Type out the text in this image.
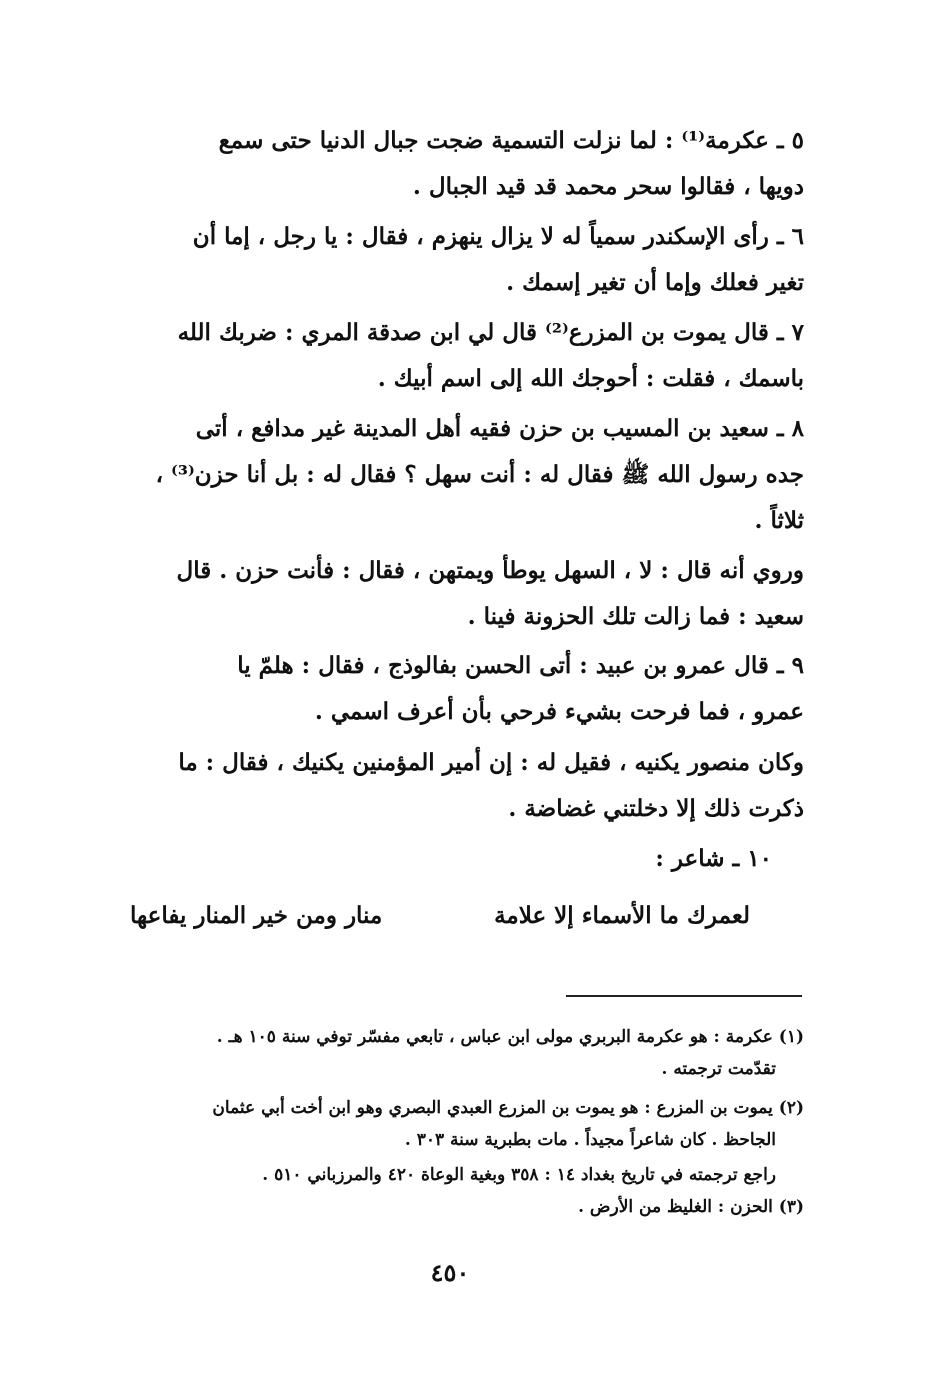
٥ ـ عكرمة⁽¹⁾ : لما نزلت التسمية ضجت جبال الدنيا حتى سمع
دويها ، فقالوا سحر محمد قد قيد الجبال .
٦ ـ رأى الإسكندر سمياً له لا يزال ينهزم ، فقال : يا رجل ، إما أن
تغير فعلك وإما أن تغير إسمك .
٧ ـ قال يموت بن المزرع⁽²⁾ قال لي ابن صدقة المري : ضربك الله
باسمك ، فقلت : أحوجك الله إلى اسم أبيك .
٨ ـ سعيد بن المسيب بن حزن فقيه أهل المدينة غير مدافع ، أتى
جده رسول الله ﷺ فقال له : أنت سهل ؟ فقال له : بل أنا حزن⁽³⁾ ،
ثلاثاً .
وروي أنه قال : لا ، السهل يوطأ ويمتهن ، فقال : فأنت حزن . قال
سعيد : فما زالت تلك الحزونة فينا .
٩ ـ قال عمرو بن عبيد : أتى الحسن بفالوذج ، فقال : هلمّ يا
عمرو ، فما فرحت بشيء فرحي بأن أعرف اسمي .
وكان منصور يكنيه ، فقيل له : إن أمير المؤمنين يكنيك ، فقال : ما
ذكرت ذلك إلا دخلتني غضاضة .
١٠ ـ شاعر :
لعمرك ما الأسماء إلا علامة
منار ومن خير المنار يفاعها
(١) عكرمة : هو عكرمة البربري مولى ابن عباس ، تابعي مفسّر توفي سنة ١٠٥ هـ .
تقدّمت ترجمته .
(٢) يموت بن المزرع : هو يموت بن المزرع العبدي البصري وهو ابن أخت أبي عثمان
الجاحظ . كان شاعراً مجيداً . مات بطبرية سنة ٣٠٣ .
راجع ترجمته في تاريخ بغداد ١٤ : ٣٥٨ وبغية الوعاة ٤٢٠ والمرزباني ٥١٠ .
(٣) الحزن : الغليظ من الأرض .
٤٥٠
